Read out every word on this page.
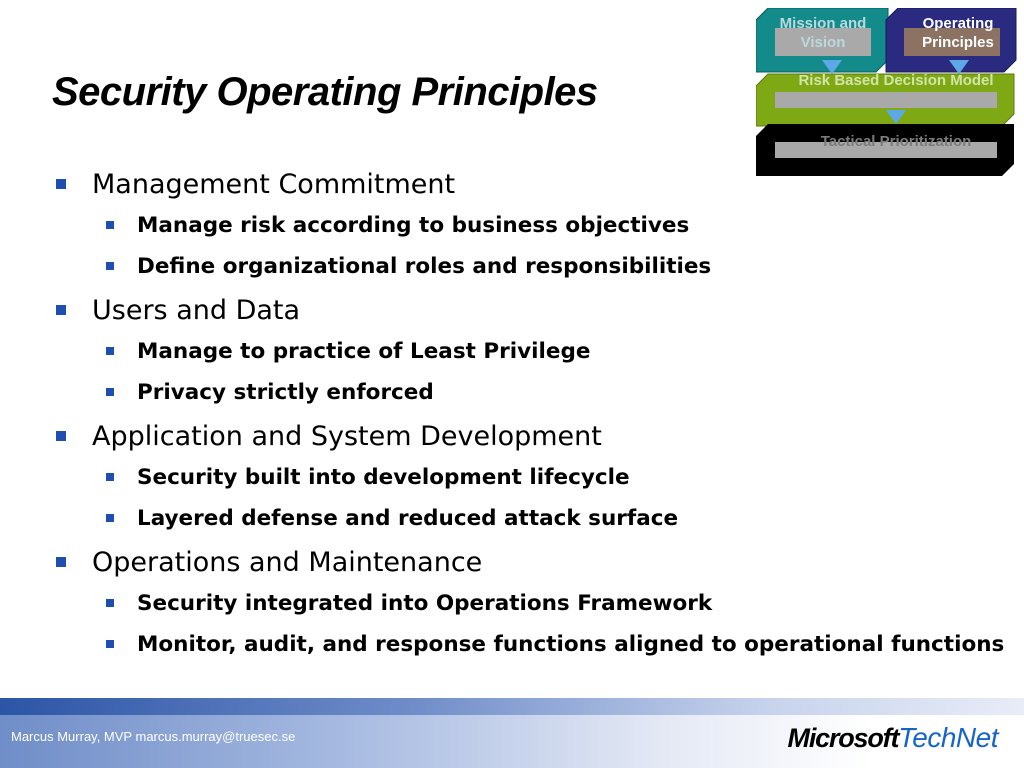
Security Operating Principles
Mission and Vision
Operating Principles
Risk Based Decision Model
Tactical Prioritization

Management Commitment

Manage risk according to business objectives

Define organizational roles and responsibilities

Users and Data

Manage to practice of Least Privilege

Privacy strictly enforced

Application and System Development

Security built into development lifecycle

Layered defense and reduced attack surface

Operations and Maintenance

Security integrated into Operations Framework

Monitor, audit, and response functions aligned to operational functions

Marcus Murray, MVP marcus.murray@truesec.se	MicrosoftTechNet
